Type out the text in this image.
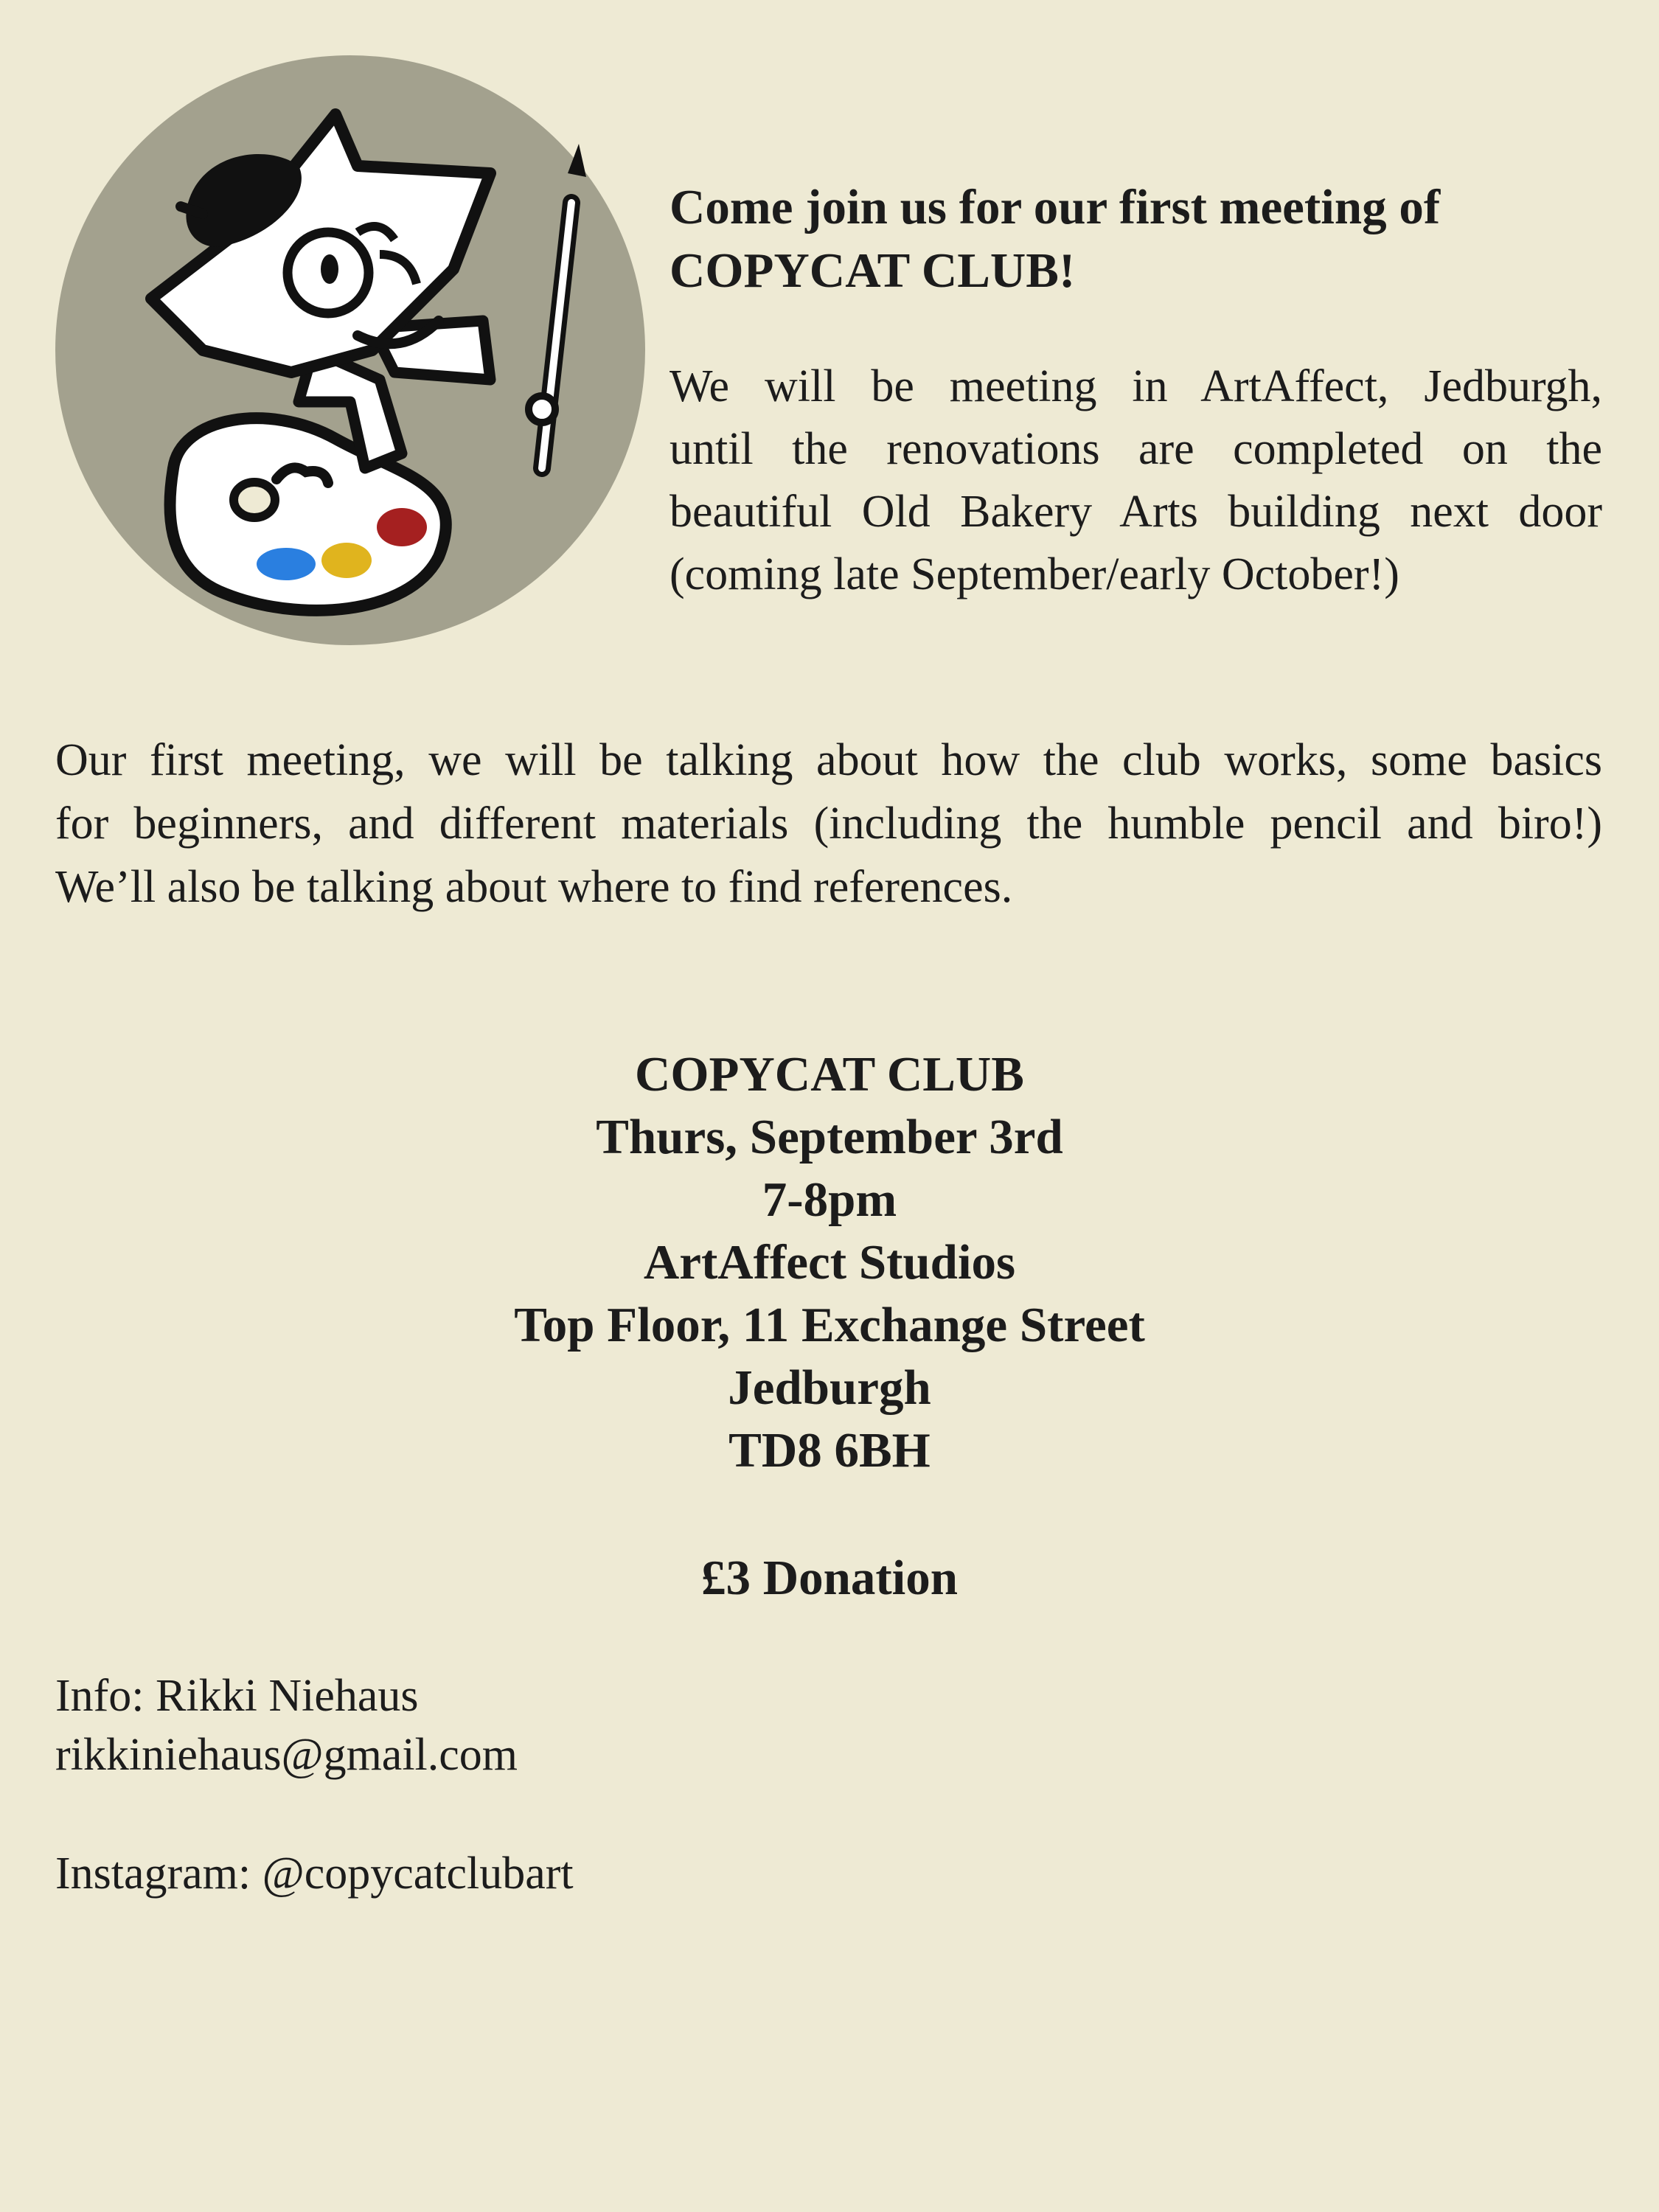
Come join us for our first meeting of
COPYCAT CLUB!

We will be meeting in ArtAffect, Jedburgh,
until the renovations are completed on the
beautiful Old Bakery Arts building next door
(coming late September/early October!)

Our first meeting, we will be talking about how the club works, some basics
for beginners, and different materials (including the humble pencil and biro!)
We’ll also be talking about where to find references.

COPYCAT CLUB
Thurs, September 3rd
7-8pm
ArtAffect Studios
Top Floor, 11 Exchange Street
Jedburgh
TD8 6BH
£3 Donation
Info: Rikki Niehaus
rikkiniehaus@gmail.com
Instagram: @copycatclubart
